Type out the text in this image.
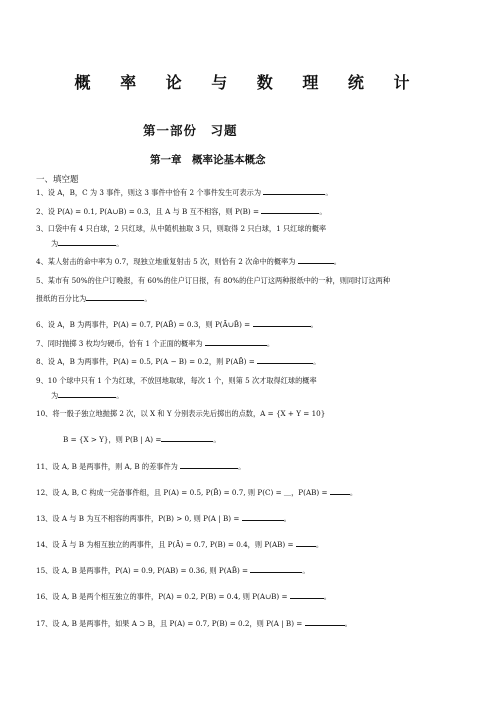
概 率 论 与 数 理 统 计
第一部份　习题
第一章　概率论基本概念
一、填空题
1、设 A，B，C 为 3 事件，则这 3 事件中恰有 2 个事件发生可表示为	。
2、设 P(A) = 0.1, P(A∪B) = 0.3，且 A 与 B 互不相容，则 P(B) =	。
3、口袋中有 4 只白球，2 只红球，从中随机抽取 3 只，则取得 2 只白球，1 只红球的概率
为	。
4、某人射击的命中率为 0.7，现独立地重复射击 5 次，则恰有 2 次命中的概率为	。
5、某市有 50%的住户订晚报，有 60%的住户订日报，有 80%的住户订这两种报纸中的一种，则同时订这两种
报纸的百分比为	。
6、设 A，B 为两事件，P(A) = 0.7, P(AB̄) = 0.3，则 P(Ā∪B̄) =	。
7、同时抛掷 3 枚均匀硬币，恰有 1 个正面的概率为	。
8、设 A，B 为两事件，P(A) = 0.5, P(A − B) = 0.2，则 P(AB̄) =	。
9、10 个球中只有 1 个为红球，不放回地取球，每次 1 个，则第 5 次才取得红球的概率
为	。
10、将一骰子独立地抛掷 2 次，以 X 和 Y 分别表示先后掷出的点数，A = {X + Y = 10}
B = {X > Y}，则 P(B | A) =	。
11、设 A, B 是两事件，则 A, B 的差事件为	。
12、设 A, B, C 构成一完备事件组，且 P(A) = 0.5, P(B̄) = 0.7, 则 P(C) = ＿，P(AB) =	。
13、设 A 与 B 为互不相容的两事件，P(B) > 0, 则 P(A | B) =	。
14、设 Ā 与 B 为相互独立的两事件，且 P(Ā) = 0.7, P(B) = 0.4，则 P(AB) =	。
15、设 A, B 是两事件，P(A) = 0.9, P(AB) = 0.36, 则 P(AB̄) =	。
16、设 A, B 是两个相互独立的事件，P(A) = 0.2, P(B) = 0.4, 则 P(A∪B) =	。
17、设 A, B 是两事件，如果 A ⊃ B，且 P(A) = 0.7, P(B) = 0.2，则 P(A | B) =	。
